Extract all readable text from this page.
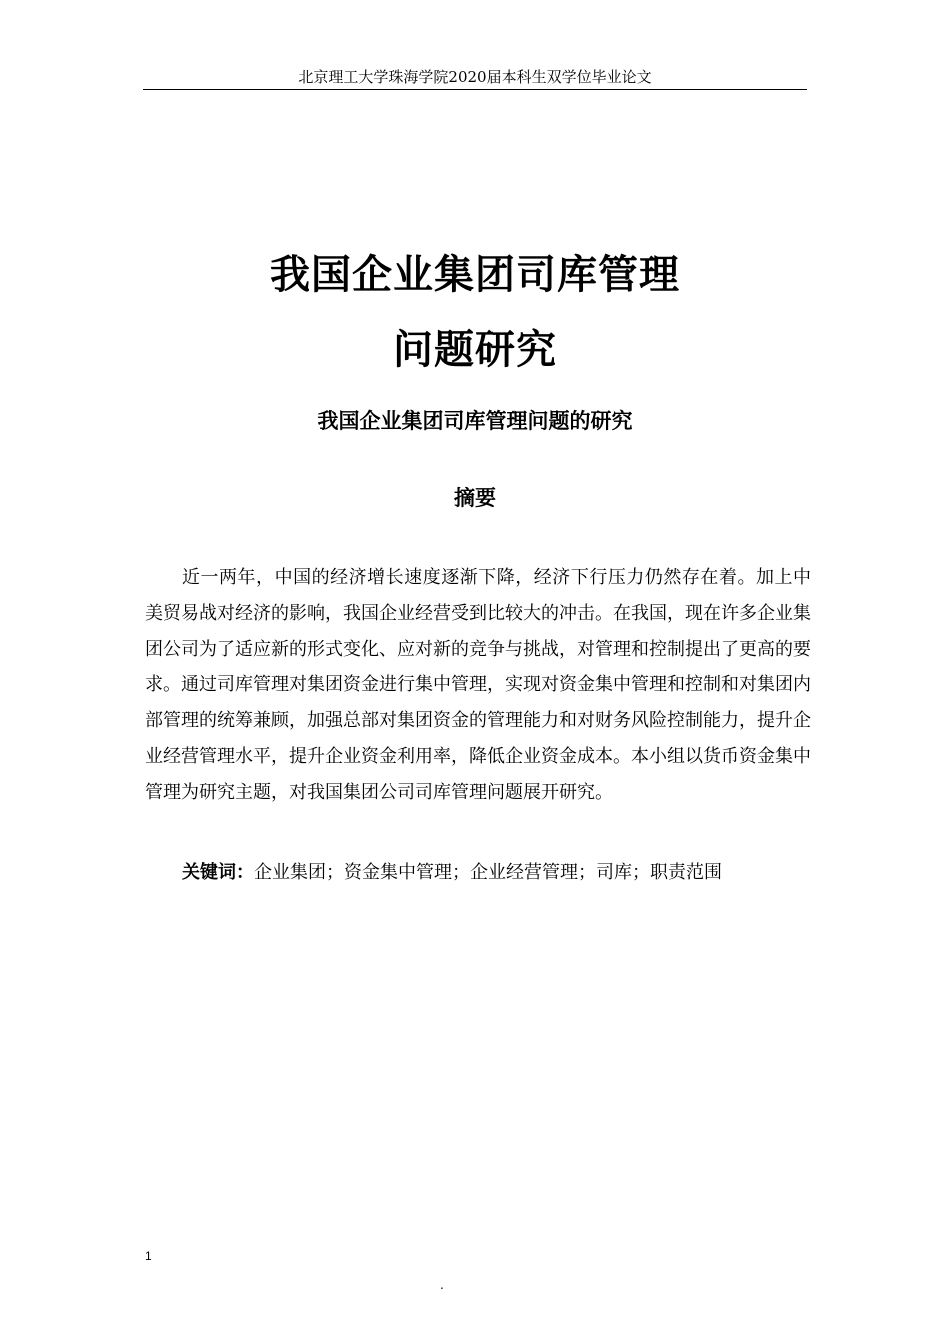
北京理工大学珠海学院2020届本科生双学位毕业论文
我国企业集团司库管理
问题研究
我国企业集团司库管理问题的研究
摘要

近一两年，中国的经济增长速度逐渐下降，经济下行压力仍然存在着。加上中美贸易战对经济的影响，我国企业经营受到比较大的冲击。在我国，现在许多企业集团公司为了适应新的形式变化、应对新的竞争与挑战，对管理和控制提出了更高的要求。通过司库管理对集团资金进行集中管理，实现对资金集中管理和控制和对集团内部管理的统筹兼顾，加强总部对集团资金的管理能力和对财务风险控制能力，提升企业经营管理水平，提升企业资金利用率，降低企业资金成本。本小组以货币资金集中管理为研究主题，对我国集团公司司库管理问题展开研究。

关键词：企业集团；资金集中管理；企业经营管理；司库；职责范围

1
.
